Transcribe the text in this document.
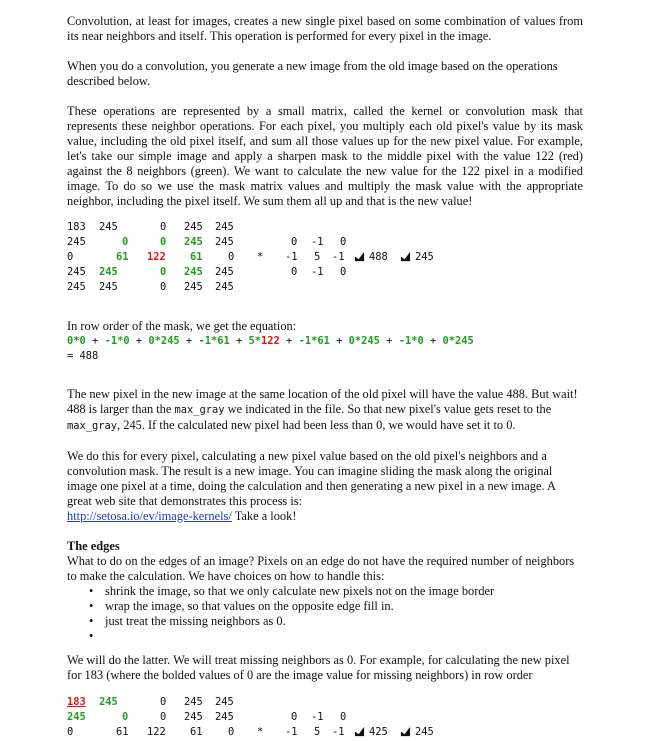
Convolution, at least for images, creates a new single pixel based on some combination of values from its near neighbors and itself. This operation is performed for every pixel in the image.

When you do a convolution, you generate a new image from the old image based on the operations described below.

These operations are represented by a small matrix, called the kernel or convolution mask that represents these neighbor operations. For each pixel, you multiply each old pixel's value by its mask value, including the old pixel itself, and sum all those values up for the new pixel value. For example, let's take our simple image and apply a sharpen mask to the middle pixel with the value 122 (red) against the 8 neighbors (green). We want to calculate the new value for the 122 pixel in a modified image. To do so we use the mask matrix values and multiply the mask value with the appropriate neighbor, including the pixel itself. We sum them all up and that is the new value!

183 245	0 245 245
245	0	0 245 245	0 -1 0
0	61 122 61 0 * -1 5 -1 488	245
245 245	0 245 245	0 -1 0
245 245	0 245 245

In row order of the mask, we get the equation:

0*0 + -1*0 + 0*245 + -1*61 + 5*122 + -1*61 + 0*245 + -1*0 + 0*245
= 488

The new pixel in the new image at the same location of the old pixel will have the value 488. But wait! 488 is larger than the max_gray we indicated in the file. So that new pixel's value gets reset to the max_gray, 245. If the calculated new pixel had been less than 0, we would have set it to 0.

We do this for every pixel, calculating a new pixel value based on the old pixel's neighbors and a convolution mask. The result is a new image. You can imagine sliding the mask along the original image one pixel at a time, doing the calculation and then generating a new pixel in a new image. A great web site that demonstrates this process is:
http://setosa.io/ev/image-kernels/ Take a look!

The edges

What to do on the edges of an image? Pixels on an edge do not have the required number of neighbors to make the calculation. We have choices on how to handle this:

• shrink the image, so that we only calculate new pixels not on the image border
• wrap the image, so that values on the opposite edge fill in.
• just treat the missing neighbors as 0.
•

We will do the latter. We will treat missing neighbors as 0. For example, for calculating the new pixel for 183 (where the bolded values of 0 are the image value for missing neighbors) in row order

183 245	0 245 245
245	0	0 245 245	0 -1 0
0	61 122 61 0 * -1 5 -1 425	245
